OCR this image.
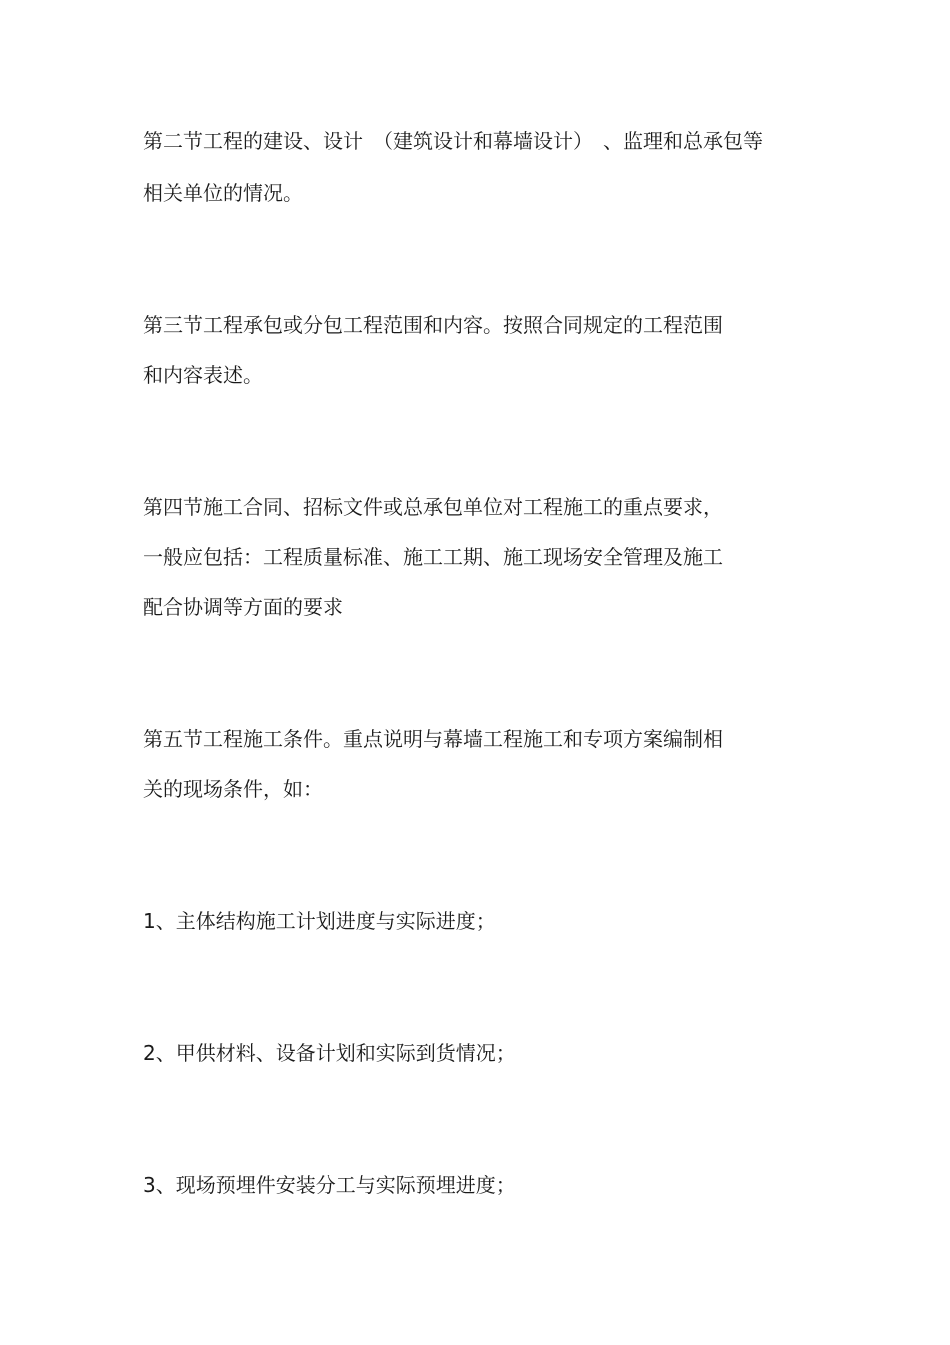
第二节工程的建设、设计　（建筑设计和幕墙设计）　、监理和总承包等
相关单位的情况。
第三节工程承包或分包工程范围和内容。按照合同规定的工程范围
和内容表述。
第四节施工合同、招标文件或总承包单位对工程施工的重点要求，
一般应包括：工程质量标准、施工工期、施工现场安全管理及施工
配合协调等方面的要求
第五节工程施工条件。重点说明与幕墙工程施工和专项方案编制相
关的现场条件，如：
1、主体结构施工计划进度与实际进度；
2、甲供材料、设备计划和实际到货情况；
3、现场预埋件安装分工与实际预埋进度；
